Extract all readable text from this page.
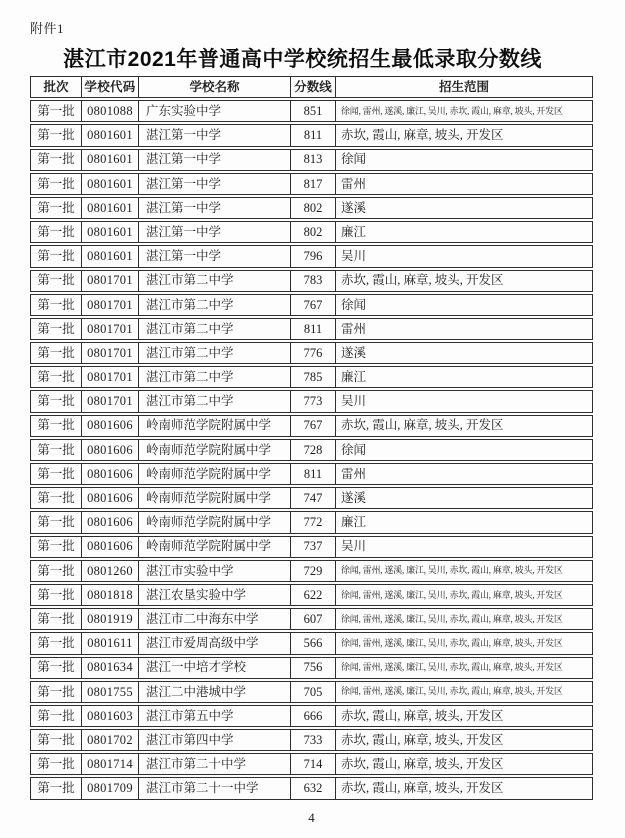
附件1
湛江市2021年普通高中学校统招生最低录取分数线
批次	学校代码	学校名称	分数线	招生范围
第一批 0801088	广东实验中学	851	徐闻, 雷州, 遂溪, 廉江, 吴川, 赤坎, 霞山, 麻章, 坡头, 开发区
第一批 0801601	湛江第一中学	811	赤坎, 霞山, 麻章, 坡头, 开发区
第一批 0801601	湛江第一中学	813	徐闻
第一批 0801601	湛江第一中学	817	雷州
第一批 0801601	湛江第一中学	802	遂溪
第一批 0801601	湛江第一中学	802	廉江
第一批 0801601	湛江第一中学	796	吴川
第一批 0801701	湛江市第二中学	783	赤坎, 霞山, 麻章, 坡头, 开发区
第一批 0801701	湛江市第二中学	767	徐闻
第一批 0801701	湛江市第二中学	811	雷州
第一批 0801701	湛江市第二中学	776	遂溪
第一批 0801701	湛江市第二中学	785	廉江
第一批 0801701	湛江市第二中学	773	吴川
第一批 0801606	岭南师范学院附属中学	767	赤坎, 霞山, 麻章, 坡头, 开发区
第一批 0801606	岭南师范学院附属中学	728	徐闻
第一批 0801606	岭南师范学院附属中学	811	雷州
第一批 0801606	岭南师范学院附属中学	747	遂溪
第一批 0801606	岭南师范学院附属中学	772	廉江
第一批 0801606	岭南师范学院附属中学	737	吴川
第一批 0801260	湛江市实验中学	729	徐闻, 雷州, 遂溪, 廉江, 吴川, 赤坎, 霞山, 麻章, 坡头, 开发区
第一批 0801818	湛江农垦实验中学	622	徐闻, 雷州, 遂溪, 廉江, 吴川, 赤坎, 霞山, 麻章, 坡头, 开发区
第一批 0801919	湛江市二中海东中学	607	徐闻, 雷州, 遂溪, 廉江, 吴川, 赤坎, 霞山, 麻章, 坡头, 开发区
第一批	0801611	湛江市爱周高级中学	566	徐闻, 雷州, 遂溪, 廉江, 吴川, 赤坎, 霞山, 麻章, 坡头, 开发区
第一批 0801634	湛江一中培才学校	756	徐闻, 雷州, 遂溪, 廉江, 吴川, 赤坎, 霞山, 麻章, 坡头, 开发区
第一批 0801755	湛江二中港城中学	705	徐闻, 雷州, 遂溪, 廉江, 吴川, 赤坎, 霞山, 麻章, 坡头, 开发区
第一批 0801603	湛江市第五中学	666	赤坎, 霞山, 麻章, 坡头, 开发区
第一批 0801702	湛江市第四中学	733	赤坎, 霞山, 麻章, 坡头, 开发区
第一批 0801714	湛江市第二十中学	714	赤坎, 霞山, 麻章, 坡头, 开发区
第一批 0801709	湛江市第二十一中学	632	赤坎, 霞山, 麻章, 坡头, 开发区
4
